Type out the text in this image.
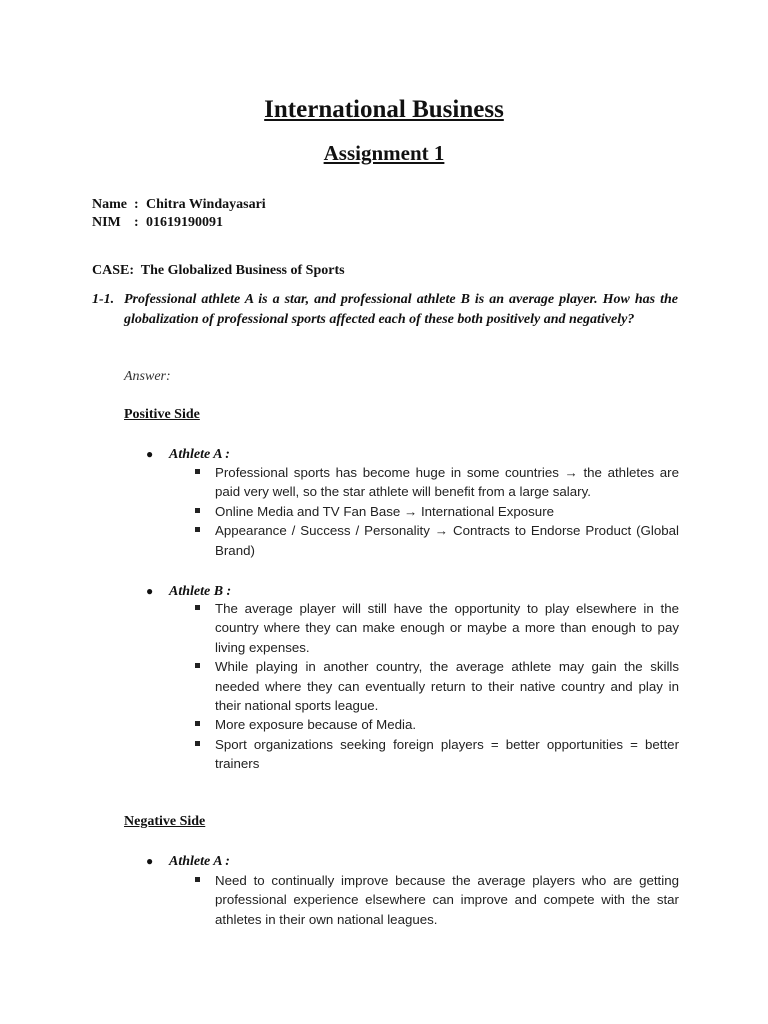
International Business
Assignment 1
Name : Chitra Windayasari
NIM : 01619190091
CASE:  The Globalized Business of Sports
1-1. Professional athlete A is a star, and professional athlete B is an average player. How has the globalization of professional sports affected each of these both positively and negatively?
Answer:
Positive Side
● Athlete A :
Professional sports has become huge in some countries → the athletes are paid very well, so the star athlete will benefit from a large salary.
Online Media and TV Fan Base → International Exposure
Appearance / Success / Personality → Contracts to Endorse Product (Global Brand)
● Athlete B :
The average player will still have the opportunity to play elsewhere in the country where they can make enough or maybe a more than enough to pay living expenses.
While playing in another country, the average athlete may gain the skills needed where they can eventually return to their native country and play in their national sports league.
More exposure because of Media.
Sport organizations seeking foreign players = better opportunities = better trainers
Negative Side
● Athlete A :
Need to continually improve because the average players who are getting professional experience elsewhere can improve and compete with the star athletes in their own national leagues.
